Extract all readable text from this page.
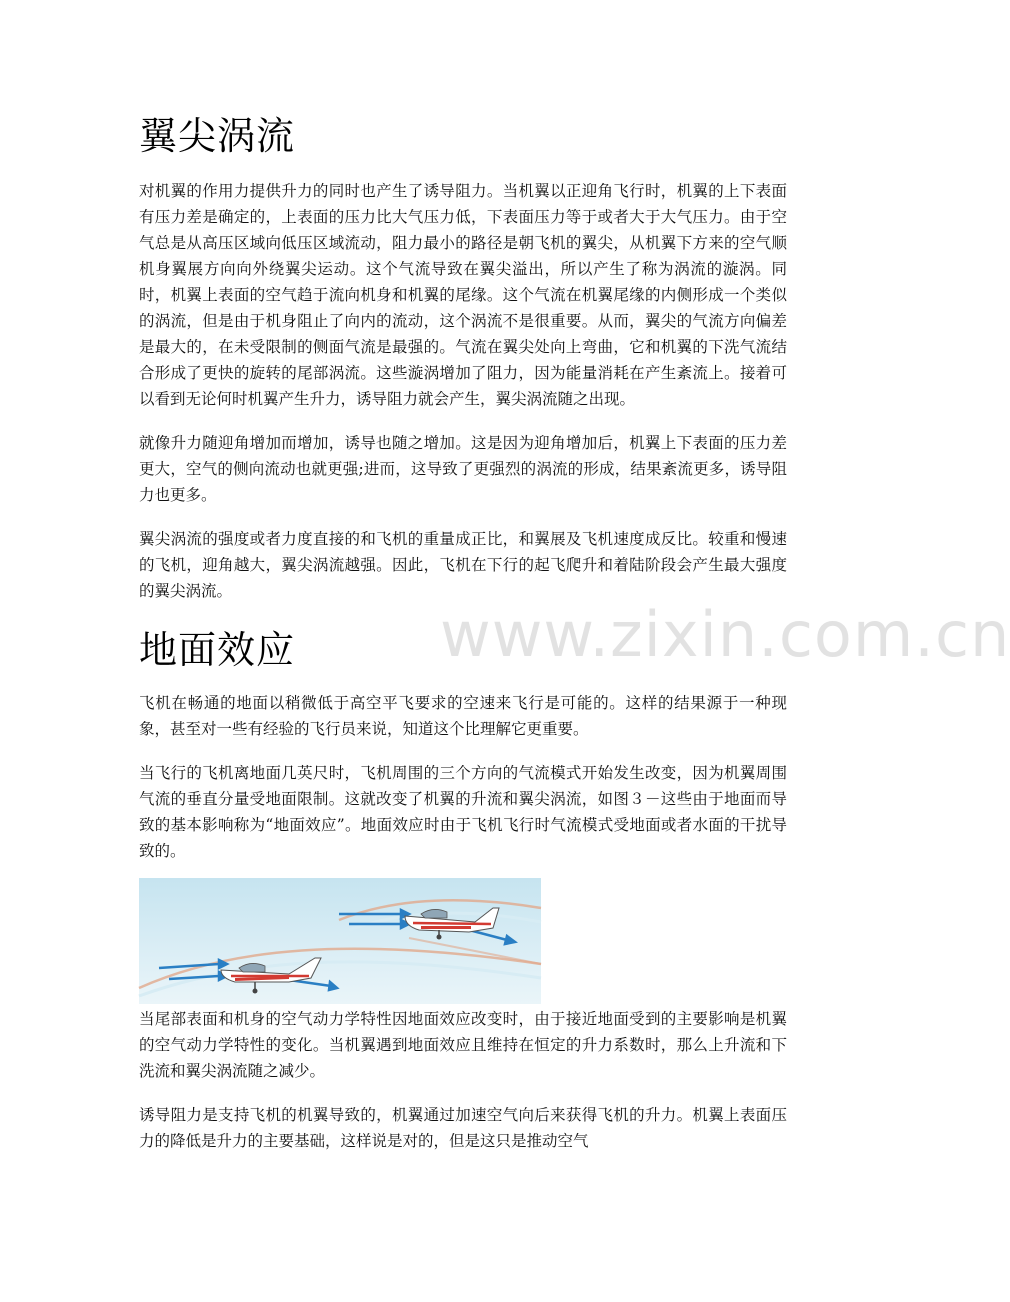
翼尖涡流

对机翼的作用力提供升力的同时也产生了诱导阻力。当机翼以正迎角飞行时，机翼的上下表面有压力差是确定的，上表面的压力比大气压力低，下表面压力等于或者大于大气压力。由于空气总是从高压区域向低压区域流动，阻力最小的路径是朝飞机的翼尖，从机翼下方来的空气顺机身翼展方向向外绕翼尖运动。这个气流导致在翼尖溢出，所以产生了称为涡流的漩涡。同时，机翼上表面的空气趋于流向机身和机翼的尾缘。这个气流在机翼尾缘的内侧形成一个类似的涡流，但是由于机身阻止了向内的流动，这个涡流不是很重要。从而，翼尖的气流方向偏差是最大的，在未受限制的侧面气流是最强的。气流在翼尖处向上弯曲，它和机翼的下洗气流结合形成了更快的旋转的尾部涡流。这些漩涡增加了阻力，因为能量消耗在产生紊流上。接着可以看到无论何时机翼产生升力，诱导阻力就会产生，翼尖涡流随之出现。

就像升力随迎角增加而增加，诱导也随之增加。这是因为迎角增加后，机翼上下表面的压力差更大，空气的侧向流动也就更强;进而，这导致了更强烈的涡流的形成，结果紊流更多，诱导阻力也更多。

翼尖涡流的强度或者力度直接的和飞机的重量成正比，和翼展及飞机速度成反比。较重和慢速的飞机，迎角越大，翼尖涡流越强。因此，飞机在下行的起飞爬升和着陆阶段会产生最大强度的翼尖涡流。

地面效应

飞机在畅通的地面以稍微低于高空平飞要求的空速来飞行是可能的。这样的结果源于一种现象，甚至对一些有经验的飞行员来说，知道这个比理解它更重要。

当飞行的飞机离地面几英尺时，飞机周围的三个方向的气流模式开始发生改变，因为机翼周围气流的垂直分量受地面限制。这就改变了机翼的升流和翼尖涡流，如图３－这些由于地面而导致的基本影响称为“地面效应”。地面效应时由于飞机飞行时气流模式受地面或者水面的干扰导致的。

当尾部表面和机身的空气动力学特性因地面效应改变时，由于接近地面受到的主要影响是机翼的空气动力学特性的变化。当机翼遇到地面效应且维持在恒定的升力系数时，那么上升流和下洗流和翼尖涡流随之减少。

诱导阻力是支持飞机的机翼导致的，机翼通过加速空气向后来获得飞机的升力。机翼上表面压力的降低是升力的主要基础，这样说是对的，但是这只是推动空气

www.zixin.com.cn
